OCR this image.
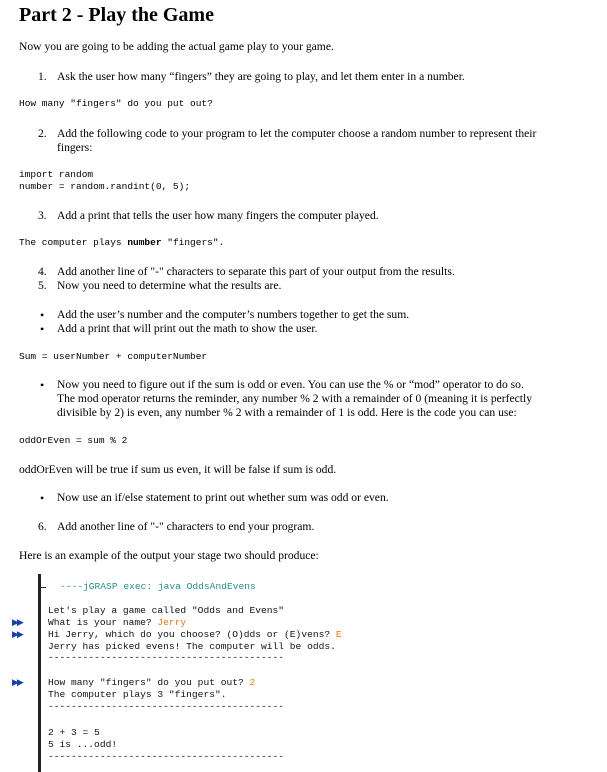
Part 2 - Play the Game
Now you are going to be adding the actual game play to your game.
1. Ask the user how many “fingers” they are going to play, and let them enter in a number.
How many "fingers" do you put out?
2. Add the following code to your program to let the computer choose a random number to represent their
fingers:
import random
number = random.randint(0, 5);
3. Add a print that tells the user how many fingers the computer played.
The computer plays number "fingers".
4. Add another line of "-" characters to separate this part of your output from the results.
5. Now you need to determine what the results are.
• Add the user’s number and the computer’s numbers together to get the sum.
• Add a print that will print out the math to show the user.
Sum = userNumber + computerNumber
• Now you need to figure out if the sum is odd or even. You can use the % or “mod” operator to do so.
The mod operator returns the reminder, any number % 2 with a remainder of 0 (meaning it is perfectly
divisible by 2) is even, any number % 2 with a remainder of 1 is odd. Here is the code you can use:
oddOrEven = sum % 2
oddOrEven will be true if sum us even, it will be false if sum is odd.
• Now use an if/else statement to print out whether sum was odd or even.
6. Add another line of "-" characters to end your program.
Here is an example of the output your stage two should produce:
----jGRASP exec: java OddsAndEvens
Let's play a game called "Odds and Evens"
▶▶	What is your name? Jerry
▶▶	Hi Jerry, which do you choose? (O)dds or (E)vens? E
Jerry has picked evens! The computer will be odds.
-----------------------------------------
▶▶	How many "fingers" do you put out? 2
The computer plays 3 "fingers".
-----------------------------------------
2 + 3 = 5
5 is ...odd!
-----------------------------------------
